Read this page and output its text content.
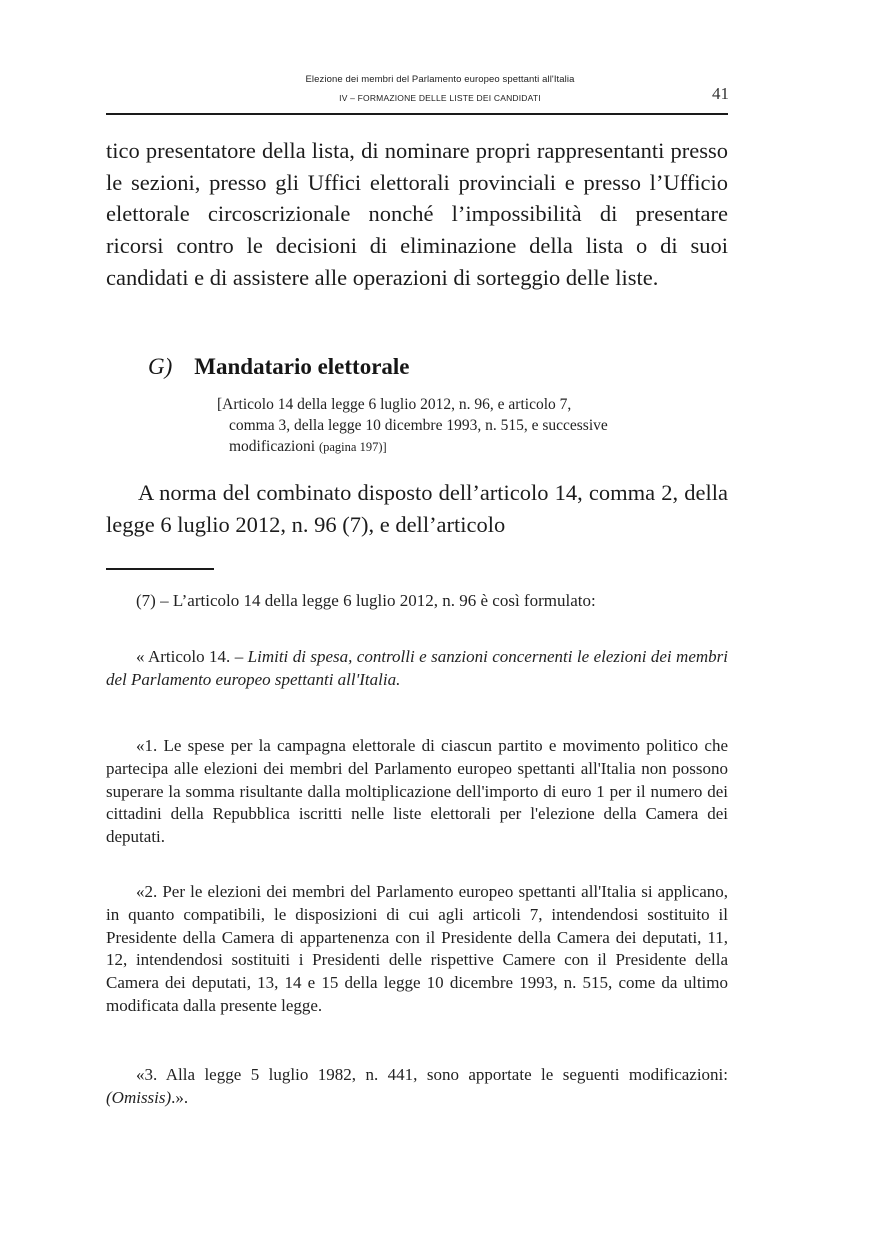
Elezione dei membri del Parlamento europeo spettanti all'Italia
IV – FORMAZIONE DELLE LISTE DEI CANDIDATI	41

tico presentatore della lista, di nominare propri rappresentanti presso le sezioni, presso gli Uffici elettorali provinciali e presso l’Ufficio elettorale circoscrizionale nonché l’impossibilità di presentare ricorsi contro le decisioni di eliminazione della lista o di suoi candidati e di assistere alle operazioni di sorteggio delle liste.

G) Mandatario elettorale
[Articolo 14 della legge 6 luglio 2012, n. 96, e articolo 7,
comma 3, della legge 10 dicembre 1993, n. 515, e successive
modificazioni (pagina 197)]

A norma del combinato disposto dell’articolo 14, comma 2, della legge 6 luglio 2012, n. 96 (7), e dell’articolo

(7) – L’articolo 14 della legge 6 luglio 2012, n. 96 è così formulato:

« Articolo 14. – Limiti di spesa, controlli e sanzioni concernenti le elezioni dei membri del Parlamento europeo spettanti all'Italia.

«1. Le spese per la campagna elettorale di ciascun partito e movimento politico che partecipa alle elezioni dei membri del Parlamento europeo spettanti all'Italia non possono superare la somma risultante dalla moltiplicazione dell'importo di euro 1 per il numero dei cittadini della Repubblica iscritti nelle liste elettorali per l'elezione della Camera dei deputati.

«2. Per le elezioni dei membri del Parlamento europeo spettanti all'Italia si applicano, in quanto compatibili, le disposizioni di cui agli articoli 7, intendendosi sostituito il Presidente della Camera di appartenenza con il Presidente della Camera dei deputati, 11, 12, intendendosi sostituiti i Presidenti delle rispettive Camere con il Presidente della Camera dei deputati, 13, 14 e 15 della legge 10 dicembre 1993, n. 515, come da ultimo modificata dalla presente legge.

«3. Alla legge 5 luglio 1982, n. 441, sono apportate le seguenti modificazioni: (Omissis).».
